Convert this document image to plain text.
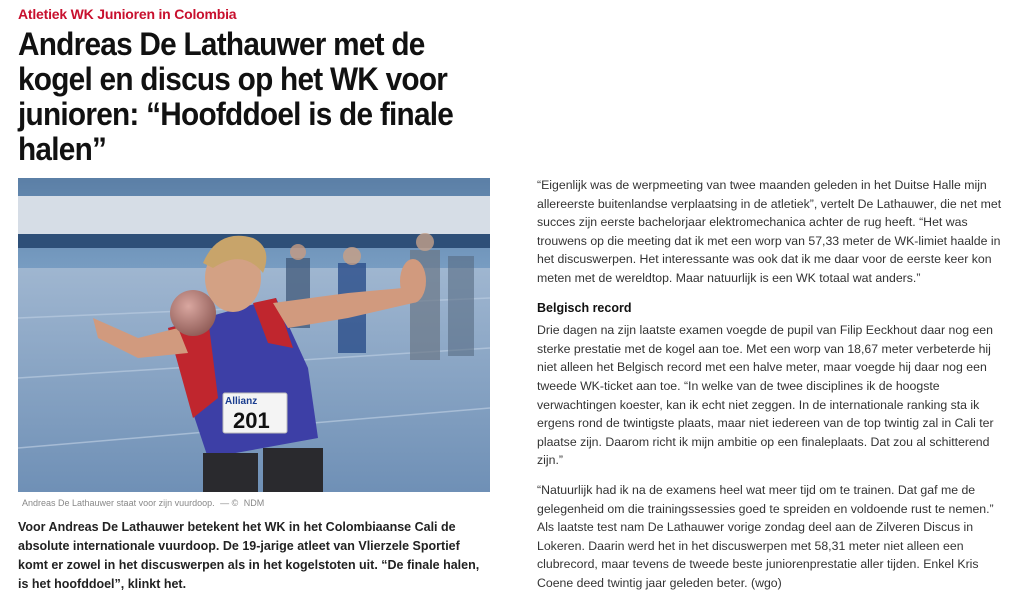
Atletiek WK Junioren in Colombia
Andreas De Lathauwer met de kogel en discus op het WK voor junioren: “Hoofddoel is de finale halen”
Allianz
201
Andreas De Lathauwer staat voor zijn vuurdoop. — © NDM

Voor Andreas De Lathauwer betekent het WK in het Colombiaanse Cali de absolute internationale vuurdoop. De 19-jarige atleet van Vlierzele Sportief komt er zowel in het discuswerpen als in het kogelstoten uit. “De finale halen, is het hoofddoel”, klinkt het.

“Eigenlijk was de werpmeeting van twee maanden geleden in het Duitse Halle mijn allereerste buitenlandse verplaatsing in de atletiek”, vertelt De Lathauwer, die net met succes zijn eerste bachelorjaar elektromechanica achter de rug heeft. “Het was trouwens op die meeting dat ik met een worp van 57,33 meter de WK-limiet haalde in het discuswerpen. Het interessante was ook dat ik me daar voor de eerste keer kon meten met de wereldtop. Maar natuurlijk is een WK totaal wat anders.”

Belgisch record

Drie dagen na zijn laatste examen voegde de pupil van Filip Eeckhout daar nog een sterke prestatie met de kogel aan toe. Met een worp van 18,67 meter verbeterde hij niet alleen het Belgisch record met een halve meter, maar voegde hij daar nog een tweede WK-ticket aan toe. “In welke van de twee disciplines ik de hoogste verwachtingen koester, kan ik echt niet zeggen. In de internationale ranking sta ik ergens rond de twintigste plaats, maar niet iedereen van de top twintig zal in Cali ter plaatse zijn. Daarom richt ik mijn ambitie op een finaleplaats. Dat zou al schitterend zijn.”

“Natuurlijk had ik na de examens heel wat meer tijd om te trainen. Dat gaf me de gelegenheid om die trainingssessies goed te spreiden en voldoende rust te nemen.” Als laatste test nam De Lathauwer vorige zondag deel aan de Zilveren Discus in Lokeren. Daarin werd het in het discuswerpen met 58,31 meter niet alleen een clubrecord, maar tevens de tweede beste juniorenprestatie aller tijden. Enkel Kris Coene deed twintig jaar geleden beter. (wgo)
